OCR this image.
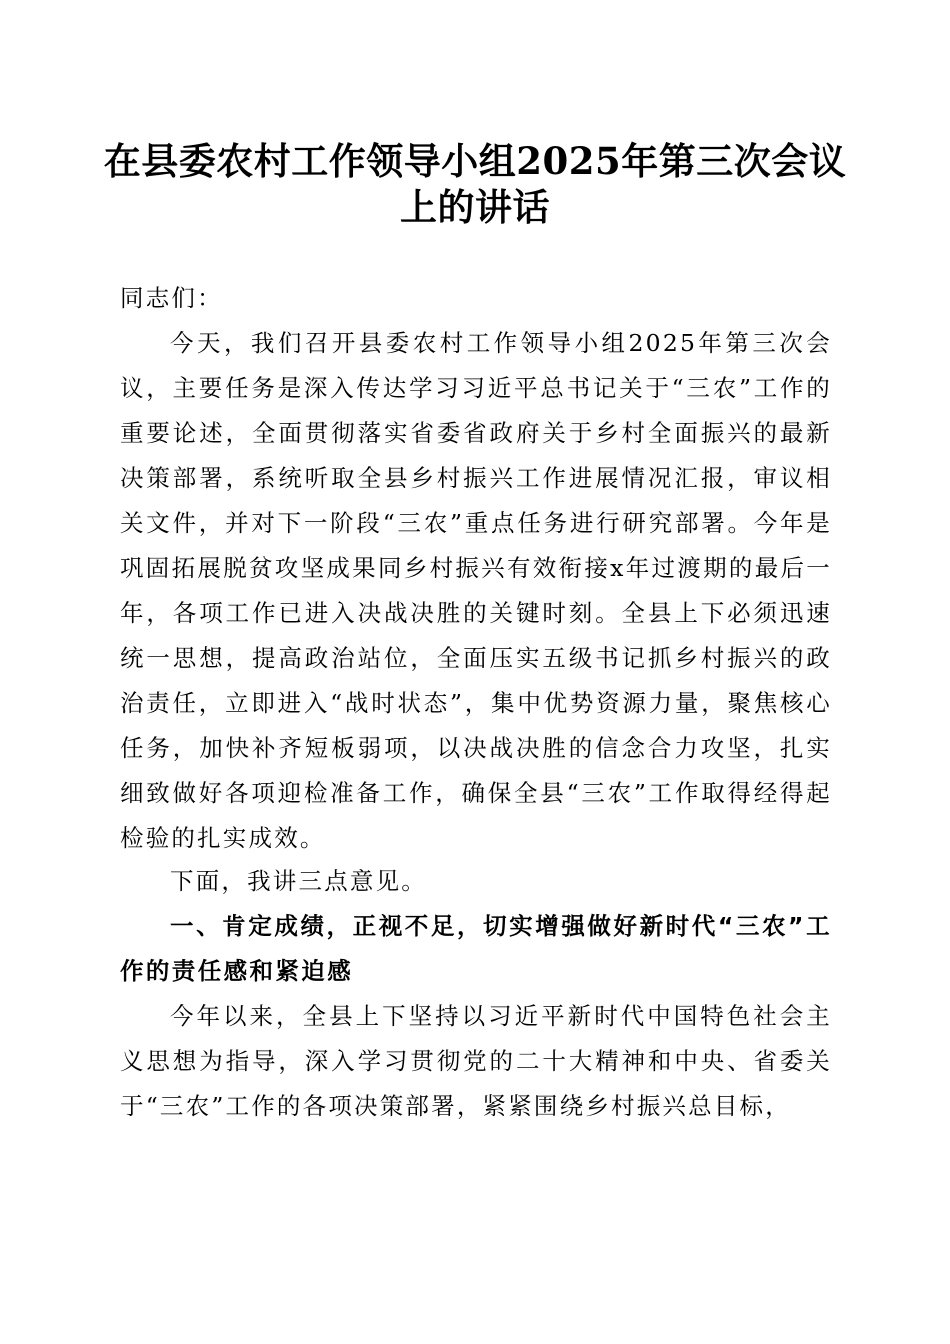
在县委农村工作领导小组2025年第三次会议
上的讲话
同志们：
今天，我们召开县委农村工作领导小组2025年第三次会议，主要任务是深入传达学习习近平总书记关于“三农”工作的重要论述，全面贯彻落实省委省政府关于乡村全面振兴的最新决策部署，系统听取全县乡村振兴工作进展情况汇报，审议相关文件，并对下一阶段“三农”重点任务进行研究部署。今年是巩固拓展脱贫攻坚成果同乡村振兴有效衔接x年过渡期的最后一年，各项工作已进入决战决胜的关键时刻。全县上下必须迅速统一思想，提高政治站位，全面压实五级书记抓乡村振兴的政治责任，立即进入“战时状态”，集中优势资源力量，聚焦核心任务，加快补齐短板弱项，以决战决胜的信念合力攻坚，扎实细致做好各项迎检准备工作，确保全县“三农”工作取得经得起检验的扎实成效。
下面，我讲三点意见。
一、肯定成绩，正视不足，切实增强做好新时代“三农”工作的责任感和紧迫感
今年以来，全县上下坚持以习近平新时代中国特色社会主义思想为指导，深入学习贯彻党的二十大精神和中央、省委关于“三农”工作的各项决策部署，紧紧围绕乡村振兴总目标，
